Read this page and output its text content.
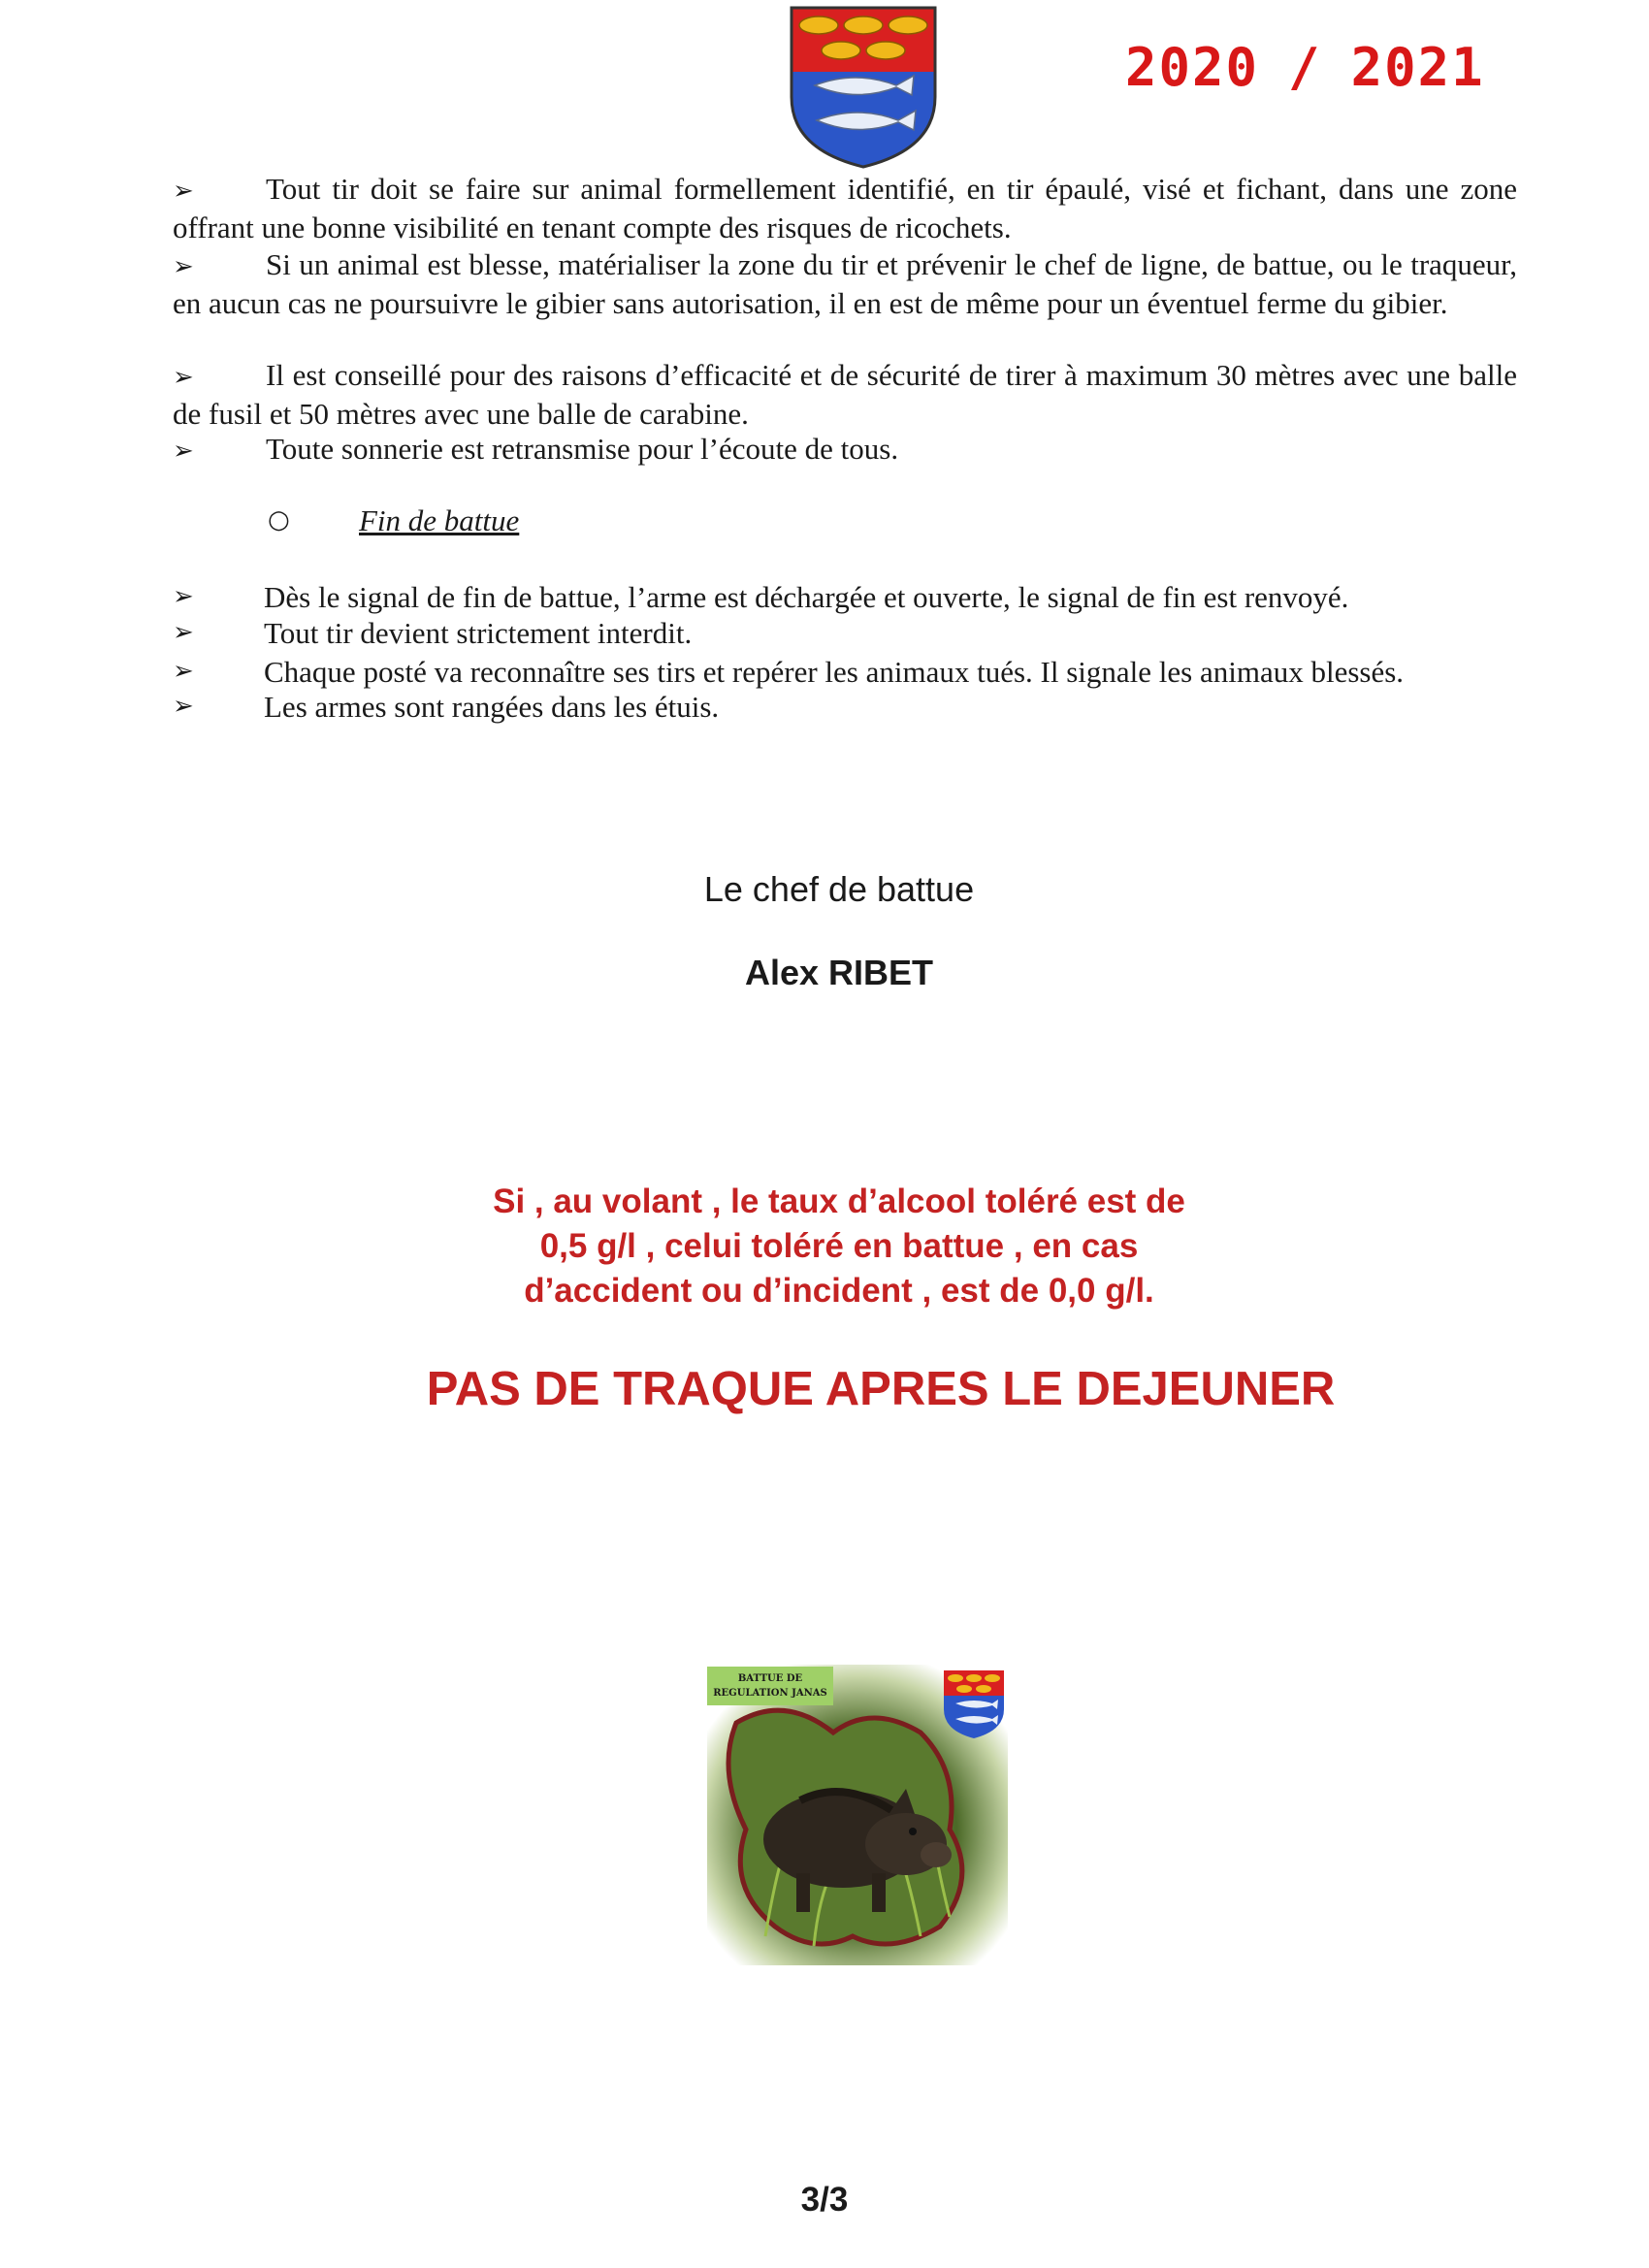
2020 / 2021
➢ Tout tir doit se faire sur animal formellement identifié, en tir épaulé, visé et fichant, dans une zone offrant une bonne visibilité en tenant compte des risques de ricochets.
➢ Si un animal est blesse, matérialiser la zone du tir et prévenir le chef de ligne, de battue, ou le traqueur, en aucun cas ne poursuivre le gibier sans autorisation, il en est de même pour un éventuel ferme du gibier.
➢ Il est conseillé pour des raisons d’efficacité et de sécurité de tirer à maximum 30 mètres avec une balle de fusil et 50 mètres avec une balle de carabine.
➢ Toute sonnerie est retransmise pour l’écoute de tous.
○ Fin de battue
➢ Dès le signal de fin de battue, l’arme est déchargée et ouverte, le signal de fin est renvoyé.
➢ Tout tir devient strictement interdit.
➢ Chaque posté va reconnaître ses tirs et repérer les animaux tués. Il signale les animaux blessés.
➢ Les armes sont rangées dans les étuis.
Le chef de battue
Alex RIBET
Si , au volant , le taux d’alcool toléré est de
0,5 g/l , celui toléré en battue , en cas
d’accident ou d’incident , est de 0,0 g/l.
PAS DE TRAQUE APRES LE DEJEUNER
BATTUE DE
REGULATION JANAS
3/3
